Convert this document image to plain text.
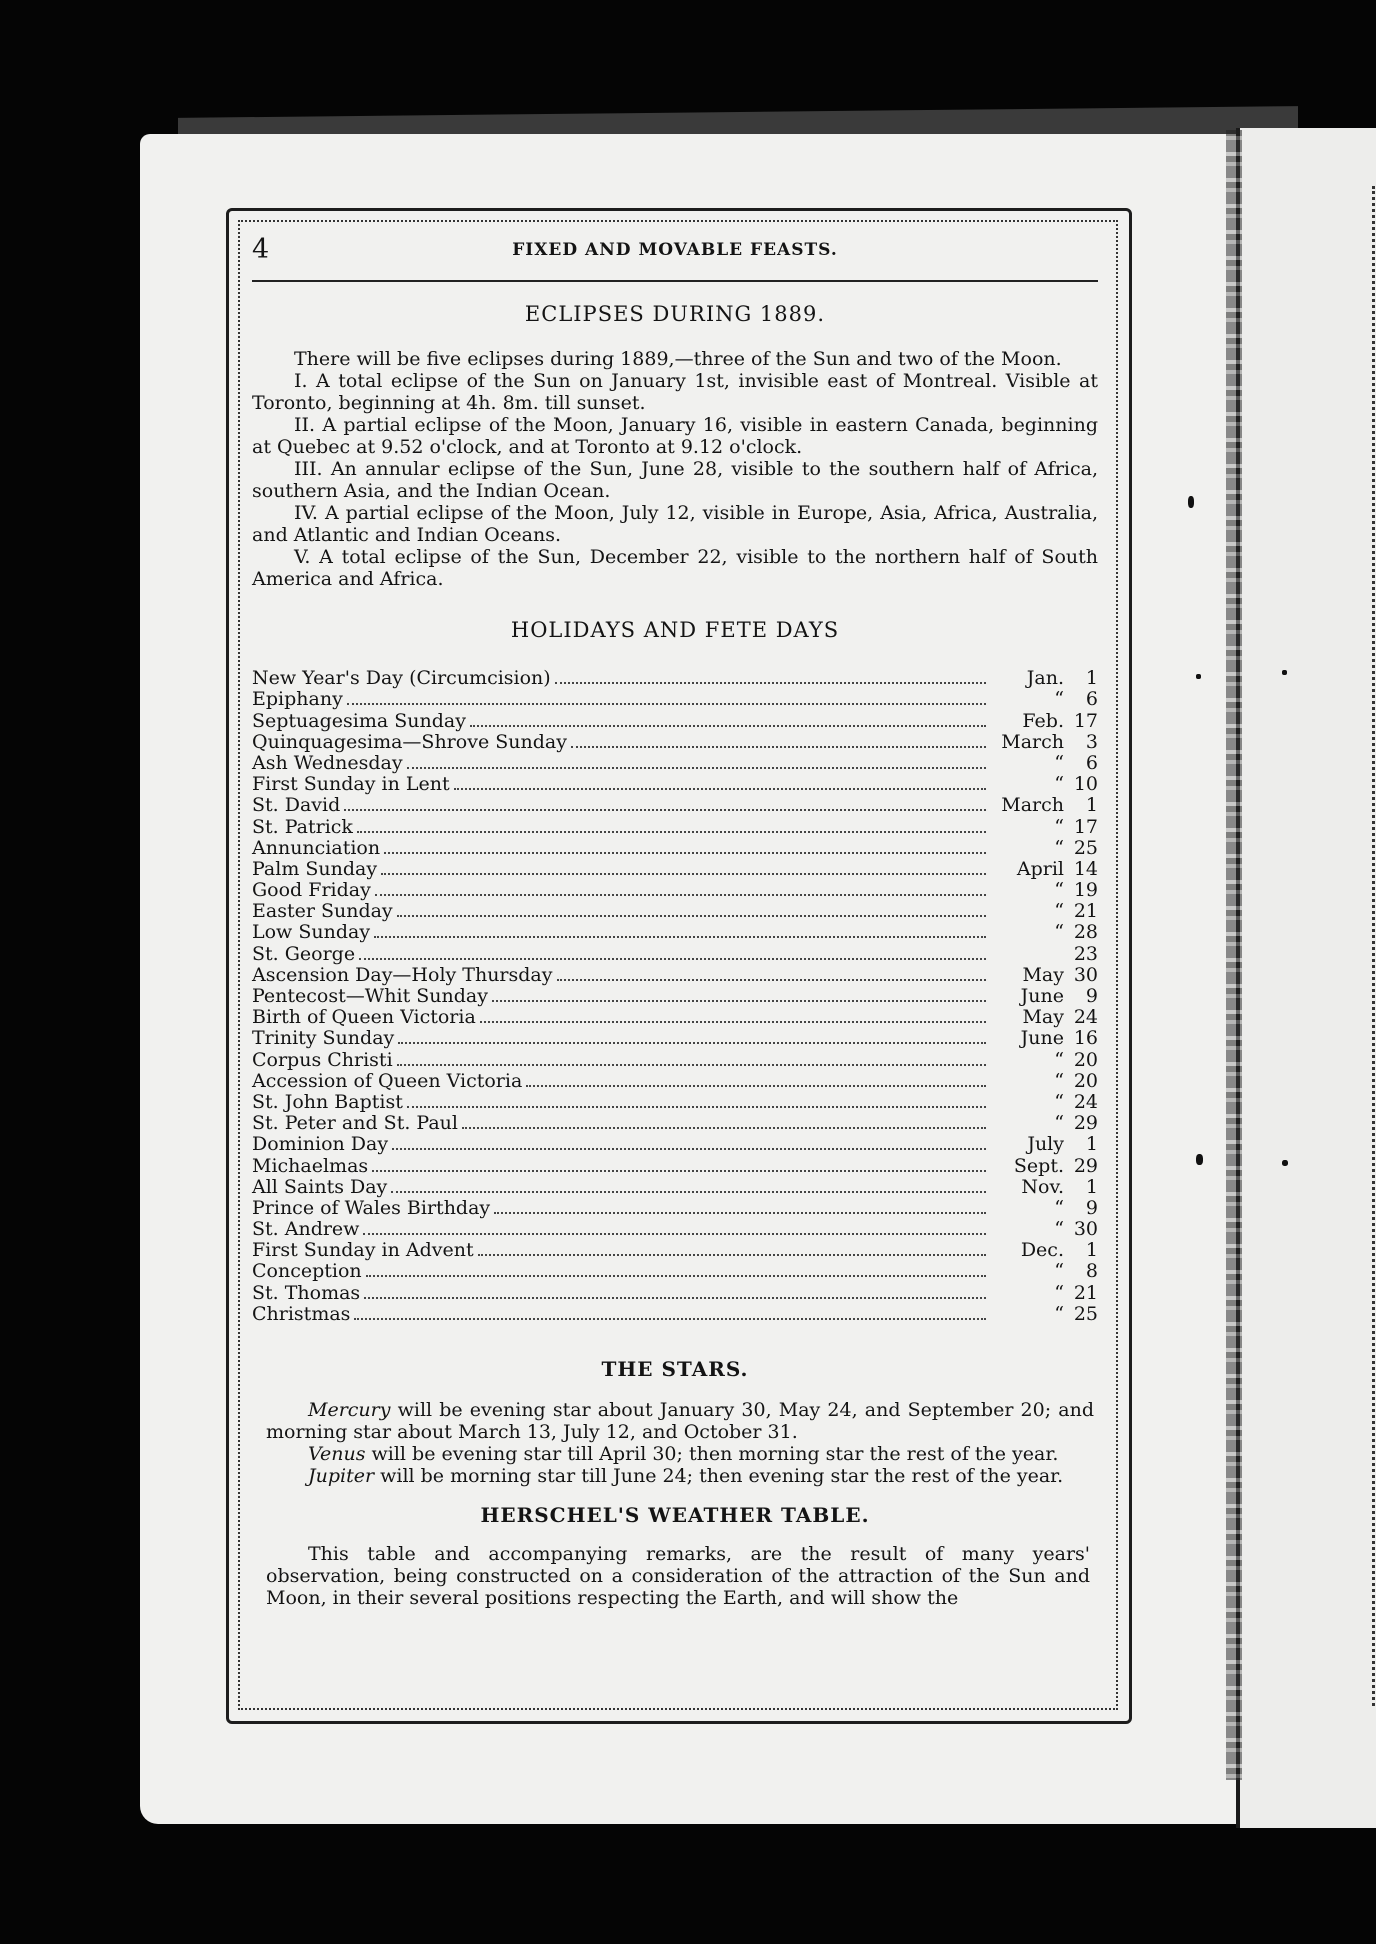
4	FIXED AND MOVABLE FEASTS.
ECLIPSES DURING 1889.

There will be five eclipses during 1889,—three of the Sun and two of the Moon.

I. A total eclipse of the Sun on January 1st, invisible east of Montreal. Visible at Toronto, beginning at 4h. 8m. till sunset.

II. A partial eclipse of the Moon, January 16, visible in eastern Canada, beginning at Quebec at 9.52 o'clock, and at Toronto at 9.12 o'clock.

III. An annular eclipse of the Sun, June 28, visible to the southern half of Africa, southern Asia, and the Indian Ocean.

IV. A partial eclipse of the Moon, July 12, visible in Europe, Asia, Africa, Australia, and Atlantic and Indian Oceans.

V. A total eclipse of the Sun, December 22, visible to the northern half of South America and Africa.

HOLIDAYS AND FETE DAYS
New Year's Day (Circumcision)	Jan.	1
Epiphany	“	6
Septuagesima Sunday	Feb. 17
Quinquagesima—Shrove Sunday	March	3
Ash Wednesday	“	6
First Sunday in Lent	“ 10
St. David	March	1
St. Patrick	“ 17
Annunciation	“ 25
Palm Sunday	April 14
Good Friday	“ 19
Easter Sunday	“ 21
Low Sunday	“ 28
St. George	23
Ascension Day—Holy Thursday	May 30
Pentecost—Whit Sunday	June	9
Birth of Queen Victoria	May 24
Trinity Sunday	June 16
Corpus Christi	“ 20
Accession of Queen Victoria	“ 20
St. John Baptist	“ 24
St. Peter and St. Paul	“ 29
Dominion Day	July	1
Michaelmas	Sept. 29
All Saints Day	Nov.	1
Prince of Wales Birthday	“	9
St. Andrew	“ 30
First Sunday in Advent	Dec.	1
Conception	“	8
St. Thomas	“ 21
Christmas	“ 25
THE STARS.

Mercury will be evening star about January 30, May 24, and September 20; and morning star about March 13, July 12, and October 31.

Venus will be evening star till April 30; then morning star the rest of the year.

Jupiter will be morning star till June 24; then evening star the rest of the year.

HERSCHEL'S WEATHER TABLE.

This table and accompanying remarks, are the result of many years' observation, being constructed on a consideration of the attraction of the Sun and Moon, in their several positions respecting the Earth, and will show the
